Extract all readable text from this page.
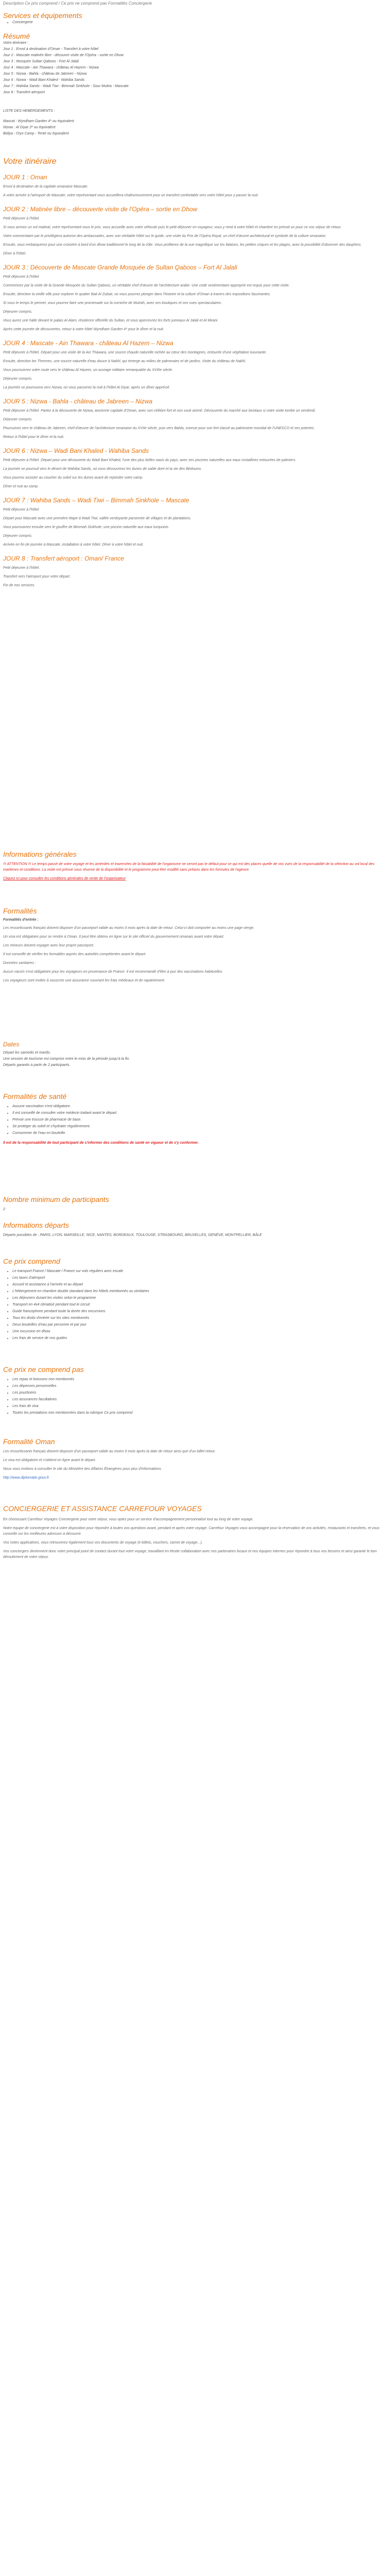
Description Ce prix comprend / Ce prix ne comprend pas Formalités Conciergerie
Services et équipements
• Conciergerie
Résumé
Votre itinéraire :
Jour 1 : Envol à destination d'Oman - Transfert à votre hôtel
Jour 2 : Mascate matinée libre - découvrir visite de l'Opéra - sortie en Dhow
Jour 3 : Mosquée Sultan Qaboos - Fort Al Jalali
Jour 4 : Mascate - Ain Thawara - château Al Hazem - Nizwa
Jour 5 : Nizwa - Bahla - château de Jabreen - Nizwa
Jour 6 : Nizwa - Wadi Bani Khaled - Wahiba Sands
Jour 7 : Wahiba Sands - Wadi Tiwi - Bimmah Sinkhole - Sour Muttra - Mascate
Jour 8 : Transfert aéroport
LISTE DES HEBERGEMENTS :
Mascat : Wyndham Garden 4* ou équivalent
Nizwa : Al Diyar 3* ou équivalent
Bidiya : Oryx Camp - Tente ou équivalent
Votre itinéraire
JOUR 1 : Oman

Envol à destination de la capitale omanaise Mascate.

A votre arrivée à l'aéroport de Mascate, votre représentant vous accueillera chaleureusement pour un transfert confortable vers votre hôtel pour y passer la nuit.

JOUR 2 : Matinée libre – découverte visite de l'Opéra – sortie en Dhow

Petit déjeuner à l'hôtel.

Si vous arrivez un vol matinal, votre représentant vous le prix, vous accueille avec votre véhicule puis le petit déjeuner en voyageur, vous y rend à votre hôtel et chambre en prévoit un pour ce vos séjour de retour.

Votre commentaire par le privilégiera autorise des ambassades, avec son véritable hôtel sur le guide, une visite du Prix de l'Opéra Royal, un chef d'œuvre architectural et symbole de la culture omanaise.

Ensuite, vous embarquerez pour une croisière à bord d'un dhow traditionnel le long de la côte. Vous profiterez de la vue magnifique sur les falaises, les petites criques et les plages, avec la possibilité d'observer des dauphins.

Dîner à l'hôtel.

JOUR 3 : Découverte de Mascate Grande Mosquée de Sultan Qaboos – Fort Al Jalali

Petit déjeuner à l'hôtel.

Commencez par la visite de la Grande Mosquée du Sultan Qaboos, un véritable chef d'œuvre de l'architecture arabe. Une code vestimentaire approprié est requis pour cette visite.

Ensuite, direction la vieille ville pour explorer le quatier Bait Al Zubair, où vous pourrez plonger dans l'histoire et la culture d'Oman à travers des expositions fascinantes.

Si vous le temps le permet, vous pourrez faire une promenade sur la corniche de Mutrah, avec ses boutiques et ses vues spectaculaires.

Déjeuner compris.

Vous aurez une halte devant le palais Al Alam, résidence officielle du Sultan, et vous apercevrez les forts jumeaux Al Jalali et Al Mirani.

Après cette journée de découvertes, retour à votre hôtel Wyndham Garden 4* pour le dîner et la nuit.

JOUR 4 : Mascate - Ain Thawara - château Al Hazem – Nizwa

Petit déjeuner à l'hôtel. Départ pour une visite de la Ain Thawara, une source chaude naturelle nichée au cœur des montagnes, entourée d'une végétation luxuriante.

Ensuite, direction les Thermes, une source naturelle d'eau douce à Nakhl, qui émerge au milieu de palmeraies et de jardins. Visite du château de Nakhl.

Vous poursuivrez votre route vers le château Al Hazem, un ouvrage militaire remarquable du XVIIIe siècle.

Déjeuner compris.

La journée se poursuivra vers Nizwa, où vous passerez la nuit à l'hôtel Al Diyar, après un dîner apprécié.

JOUR 5 : Nizwa - Bahla - château de Jabreen – Nizwa

Petit déjeuner à l'hôtel. Partez à la découverte de Nizwa, ancienne capitale d'Oman, avec son célèbre fort et son souk animé. Découverte du marché aux bestiaux si votre visite tombe un vendredi.

Déjeuner compris.

Poursuivez vers le château de Jabreen, chef-d'œuvre de l'architecture omanaise du XVIIe siècle, puis vers Bahla, connue pour son fort classé au patrimoine mondial de l'UNESCO et ses poteries.

Retour à l'hôtel pour le dîner et la nuit.

JOUR 6 : Nizwa – Wadi Bani Khaled - Wahiba Sands

Petit déjeuner à l'hôtel. Départ pour une découverte du Wadi Bani Khaled, l'une des plus belles oasis du pays, avec ses piscines naturelles aux eaux cristallines entourées de palmiers.

La journée se poursuit vers le désert de Wahiba Sands, où vous découvrirez les dunes de sable doré et la vie des Bédouins.

Vous pourrez assister au coucher du soleil sur les dunes avant de rejoindre votre camp.

Dîner et nuit au camp.

JOUR 7 : Wahiba Sands – Wadi Tiwi – Bimmah Sinkhole – Mascate

Petit déjeuner à l'hôtel.

Départ pour Mascate avec une première étape à Wadi Tiwi, vallée verdoyante parsemée de villages et de plantations.

Vous poursuivrez ensuite vers le gouffre de Bimmah Sinkhole, une piscine naturelle aux eaux turquoise.

Déjeuner compris.

Arrivée en fin de journée à Mascate, installation à votre hôtel. Dîner à votre hôtel et nuit.

JOUR 8 : Transfert aéroport : Oman/ France

Petit déjeuner à l'hôtel.

Transfert vers l'aéroport pour votre départ.

Fin de nos services.

Informations générales
!!! ATTENTION !!! Le temps passé de votre voyage et les aménités et traversées de la faisabilité de l'organisme ne seront pas le défaut pour ce qui est des places quelle de vos vues de la responsabilité de la sélection au vol local des maritimes et conditions. La visite est prévue sous réserve de la disponibilité et le programme peut être modifié sans préavis dans les formules de l'agence.
Cliquez ici pour consulter les conditions générales de vente de l'organisateur
Formalités
Formalités d'entrée :

Les ressortissants français doivent disposer d'un passeport valide au moins 6 mois après la date de retour. Celui-ci doit comporter au moins une page vierge.

Un visa est obligatoire pour se rendre à Oman. Il peut être obtenu en ligne sur le site officiel du gouvernement omanais avant votre départ.

Les mineurs doivent voyager avec leur propre passeport.

Il est conseillé de vérifier les formalités auprès des autorités compétentes avant le départ.

Données sanitaires :

Aucun vaccin n'est obligatoire pour les voyageurs en provenance de France. Il est recommandé d'être à jour des vaccinations habituelles.

Les voyageurs sont invités à souscrire une assurance couvrant les frais médicaux et de rapatriement.

Dates
Départ les samedis et mardis.
Une session de tourisme est comprise entre le mois de la période jusqu'à la fin.
Départs garantis à partir de 2 participants.
Formalités de santé
• Aucune vaccination n'est obligatoire.
• Il est conseillé de consulter votre médecin traitant avant le départ.
• Prévoir une trousse de pharmacie de base.
• Se protéger du soleil et s'hydrater régulièrement.
• Consommer de l'eau en bouteille.
Il est de la responsabilité de tout participant de s'informer des conditions de santé en vigueur et de s'y conformer.
Nombre minimum de participants
2
Informations départs
Départs possibles de : PARIS, LYON, MARSEILLE, NICE, NANTES, BORDEAUX, TOULOUSE, STRASBOURG, BRUXELLES, GENÈVE, MONTPELLIER, BÂLE
Ce prix comprend
• Le transport France / Mascate / France sur vols réguliers avec escale
• Les taxes d'aéroport
• Accueil et assistance à l'arrivée et au départ
• L'hébergement en chambre double standard dans les hôtels mentionnés ou similaires
• Les déjeuners durant les visites selon le programme
• Transport en 4x4 climatisé pendant tout le circuit
• Guide francophone pendant toute la durée des excursions
• Tous les droits d'entrée sur les sites mentionnés
• Deux bouteilles d'eau par personne et par jour
• Une excursion en dhow
• Les frais de service de nos guides
Ce prix ne comprend pas
• Les repas et boissons non mentionnés
• Les dépenses personnelles
• Les pourboires
• Les assurances facultatives
• Les frais de visa
• Toutes les prestations non mentionnées dans la rubrique Ce prix comprend
Formalité Oman

Les ressortissants français doivent disposer d'un passeport valide au moins 6 mois après la date de retour ainsi que d'un billet retour.

Le visa est obligatoire et s'obtient en ligne avant le départ.

Nous vous invitons à consulter le site du Ministère des Affaires Étrangères pour plus d'informations.

http://www.diplomatie.gouv.fr
CONCIERGERIE ET ASSISTANCE CARREFOUR VOYAGES

En choisissant Carrefour Voyages Conciergerie pour votre séjour, vous optez pour un service d'accompagnement personnalisé tout au long de votre voyage.

Notre équipe de conciergerie est à votre disposition pour répondre à toutes vos questions avant, pendant et après votre voyage. Carrefour Voyages vous accompagne pour la réservation de vos activités, restaurants et transferts, et vous conseille sur les meilleures adresses à découvrir.

Vos notes applicatives, vous retrouverez également tous vos documents de voyage (e-billets, vouchers, carnet de voyage...).

Vos conciergers deviennent donc votre principal point de contact durant tout votre voyage, travaillant en étroite collaboration avec nos partenaires locaux et nos équipes internes pour répondre à tous vos besoins et ainsi garantir le bon déroulement de votre séjour.
